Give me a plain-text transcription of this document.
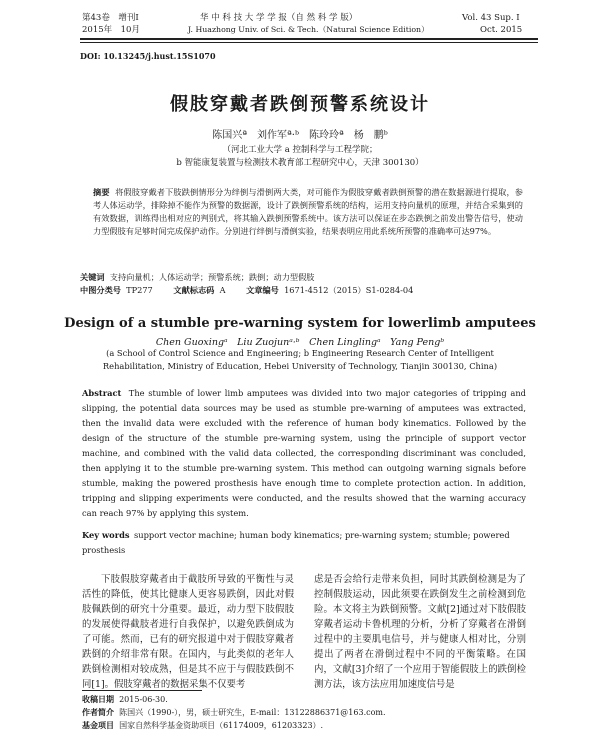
第43卷　增刊Ⅰ
2015年　10月
华 中 科 技 大 学 学 报（自 然 科 学 版）
J. Huazhong Univ. of Sci. & Tech.（Natural Science Edition）
Vol. 43 Sup. Ⅰ
Oct. 2015
DOI: 10.13245/j.hust.15S1070
假肢穿戴者跌倒预警系统设计
陈国兴ª　刘作军ª·ᵇ　陈玲玲ª　杨　鹏ᵇ
（河北工业大学 a 控制科学与工程学院；
b 智能康复装置与检测技术教育部工程研究中心，天津 300130）
摘要 将假肢穿戴者下肢跌倒情形分为绊倒与滑倒两大类，对可能作为假肢穿戴者跌倒预警的潜在数据源进行提取，参考人体运动学，排除掉不能作为预警的数据源，设计了跌倒预警系统的结构，运用支持向量机的原理，并结合采集到的有效数据，训练得出相对应的判别式，将其输入跌倒预警系统中。该方法可以保证在步态跌倒之前发出警告信号，使动力型假肢有足够时间完成保护动作。分别进行绊倒与滑倒实验，结果表明应用此系统所预警的准确率可达97%。
关键词 支持向量机；人体运动学；预警系统；跌倒；动力型假肢
中图分类号 TP277	文献标志码 A	文章编号 1671-4512（2015）S1-0284-04
Design of a stumble pre-warning system for lowerlimb amputees
Chen Guoxingᵃ　Liu Zuojunᵃ·ᵇ　Chen Linglingᵃ　Yang Pengᵇ
(a School of Control Science and Engineering; b Engineering Research Center of Intelligent
Rehabilitation, Ministry of Education, Hebei University of Technology, Tianjin 300130, China)
Abstract The stumble of lower limb amputees was divided into two major categories of tripping and slipping, the potential data sources may be used as stumble pre-warning of amputees was extracted, then the invalid data were excluded with the reference of human body kinematics. Followed by the design of the structure of the stumble pre-warning system, using the principle of support vector machine, and combined with the valid data collected, the corresponding discriminant was concluded, then applying it to the stumble pre-warning system. This method can outgoing warning signals before stumble, making the powered prosthesis have enough time to complete protection action. In addition, tripping and slipping experiments were conducted, and the results showed that the warning accuracy can reach 97% by applying this system.
Key words support vector machine; human body kinematics; pre-warning system; stumble; powered prosthesis
下肢假肢穿戴者由于截肢所导致的平衡性与灵活性的降低，使其比健康人更容易跌倒，因此对假肢佩跌倒的研究十分重要。最近，动力型下肢假肢的发展使得截肢者进行自我保护，以避免跌倒成为了可能。然而，已有的研究报道中对于假肢穿戴者跌倒的介绍非常有限。在国内，与此类似的老年人跌倒检测相对较成熟，但是其不应于与假肢跌倒不同[1]。假肢穿戴者的数据采集不仅要考
虑是否会给行走带来负担，同时其跌倒检测是为了控制假肢运动，因此须要在跌倒发生之前检测到危险。本文将主为跌倒预警。文献[2]通过对下肢假肢穿戴者运动卡鲁机理的分析，分析了穿戴者在滑倒过程中的主要肌电信号，并与健康人相对比，分别提出了两者在滑倒过程中不同的平衡策略。在国内，文献[3]介绍了一个应用于智能假肢上的跌倒检测方法，该方法应用加速度信号是
收稿日期 2015-06-30.
作者简介 陈国兴（1990-），男，硕士研究生，E-mail：13122886371@163.com.
基金项目 国家自然科学基金资助项目（61174009，61203323）.
